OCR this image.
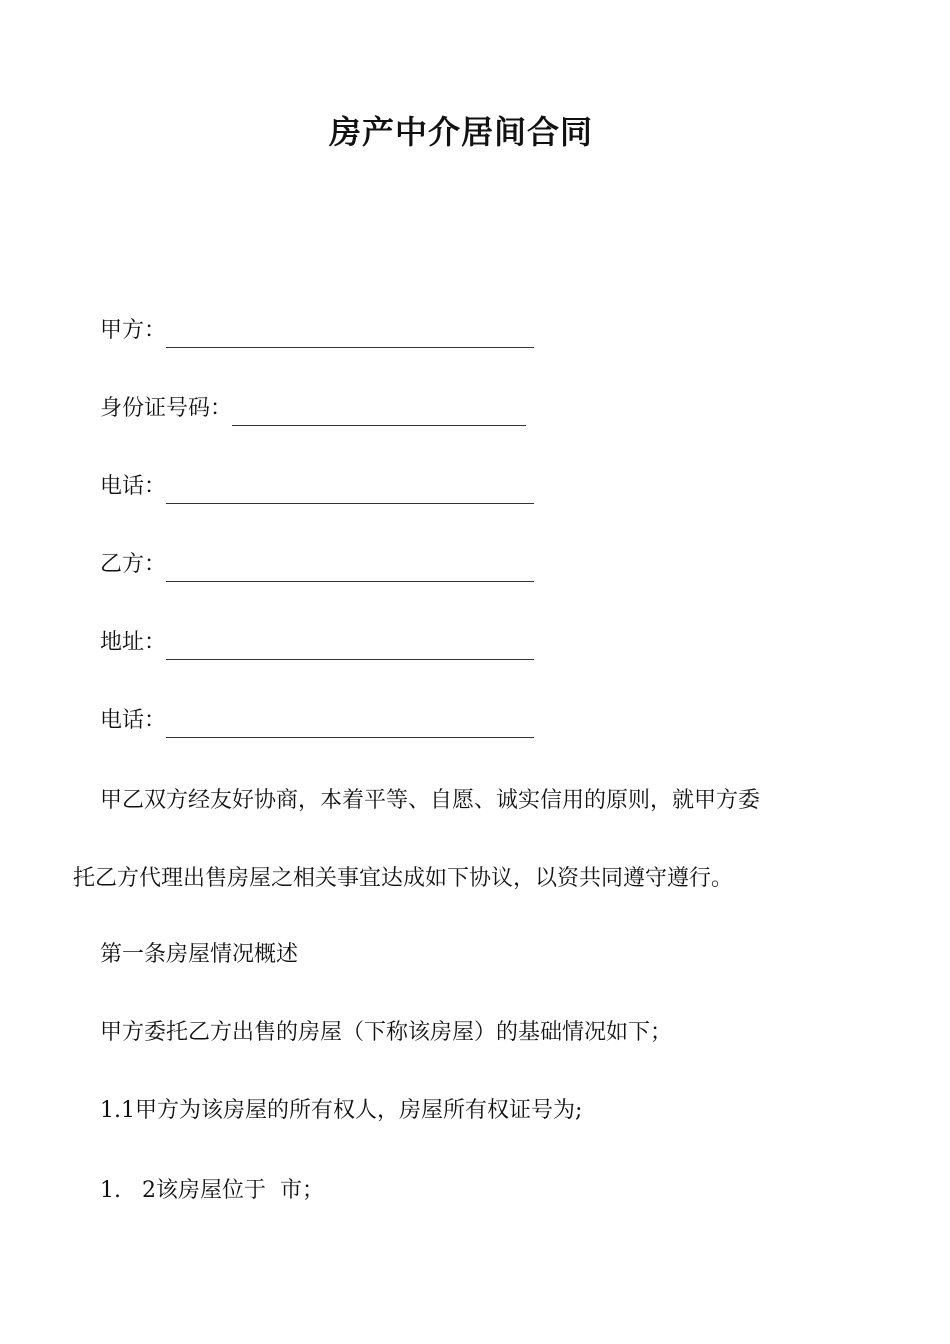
房产中介居间合同
甲方：
身份证号码：
电话：
乙方：
地址：
电话：
甲乙双方经友好协商，本着平等、自愿、诚实信用的原则，就甲方委
托乙方代理出售房屋之相关事宜达成如下协议，以资共同遵守遵行。
第一条房屋情况概述
甲方委托乙方出售的房屋（下称该房屋）的基础情况如下；
1.1甲方为该房屋的所有权人，房屋所有权证号为;
1.   2该房屋位于  市；
